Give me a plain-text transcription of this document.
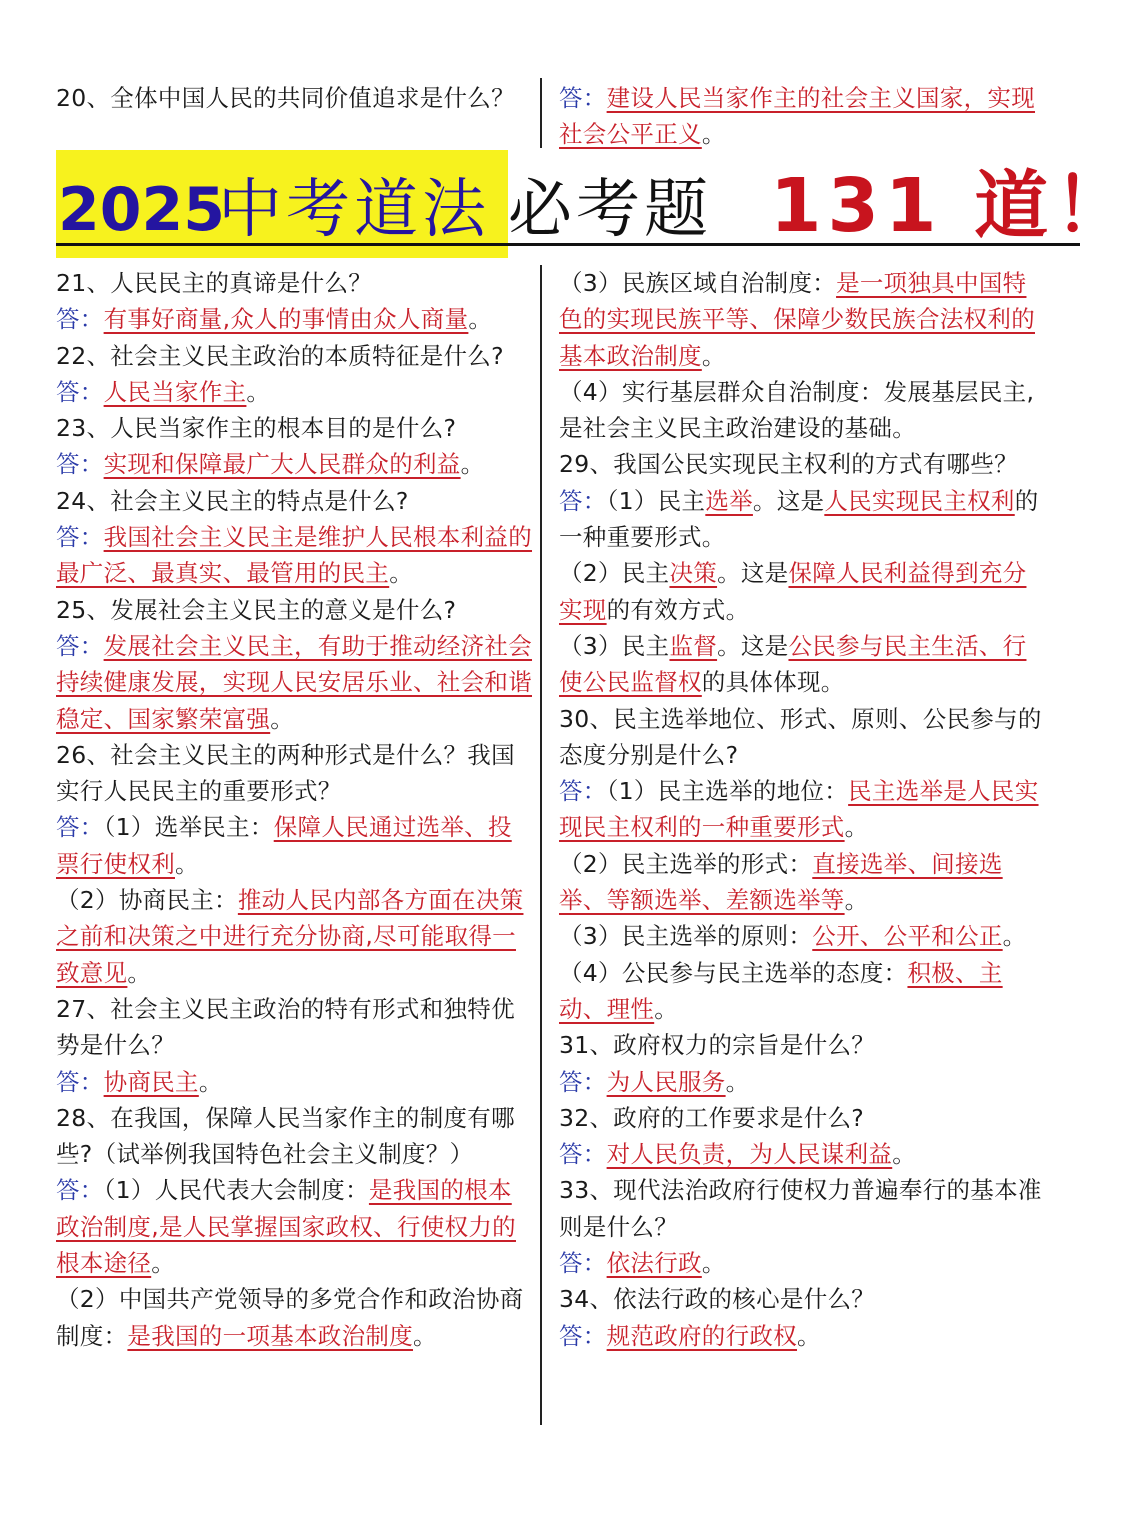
20、全体中国人民的共同价值追求是什么？	答：建设人民当家作主的社会主义国家，实现社会公平正义。

2025
中考道法 必考题 131 道！

21、人民民主的真谛是什么？

答：有事好商量,众人的事情由众人商量。

22、社会主义民主政治的本质特征是什么?

答：人民当家作主。

23、人民当家作主的根本目的是什么?

答：实现和保障最广大人民群众的利益。

24、社会主义民主的特点是什么?

答：我国社会主义民主是维护人民根本利益的最广泛、最真实、最管用的民主。

25、发展社会主义民主的意义是什么?

答：发展社会主义民主，有助于推动经济社会持续健康发展，实现人民安居乐业、社会和谐稳定、国家繁荣富强。

26、社会主义民主的两种形式是什么？我国实行人民民主的重要形式？

答：（1）选举民主：保障人民通过选举、投票行使权利。

（2）协商民主：推动人民内部各方面在决策之前和决策之中进行充分协商,尽可能取得一致意见。

27、社会主义民主政治的特有形式和独特优势是什么？

答：协商民主。

28、在我国，保障人民当家作主的制度有哪些?（试举例我国特色社会主义制度？）

答：（1）人民代表大会制度：是我国的根本政治制度,是人民掌握国家政权、行使权力的根本途径。

（2）中国共产党领导的多党合作和政治协商制度：是我国的一项基本政治制度。

（3）民族区域自治制度：是一项独具中国特色的实现民族平等、保障少数民族合法权利的基本政治制度。

（4）实行基层群众自治制度：发展基层民主,是社会主义民主政治建设的基础。

29、我国公民实现民主权利的方式有哪些？

答：（1）民主选举。这是人民实现民主权利的一种重要形式。

（2）民主决策。这是保障人民利益得到充分实现的有效方式。

（3）民主监督。这是公民参与民主生活、行使公民监督权的具体体现。

30、民主选举地位、形式、原则、公民参与的态度分别是什么?

答：（1）民主选举的地位：民主选举是人民实现民主权利的一种重要形式。

（2）民主选举的形式：直接选举、间接选举、等额选举、差额选举等。

（3）民主选举的原则：公开、公平和公正。

（4）公民参与民主选举的态度：积极、主动、理性。

31、政府权力的宗旨是什么？

答：为人民服务。

32、政府的工作要求是什么?

答：对人民负责，为人民谋利益。

33、现代法治政府行使权力普遍奉行的基本准则是什么？

答：依法行政。

34、依法行政的核心是什么？

答：规范政府的行政权。
